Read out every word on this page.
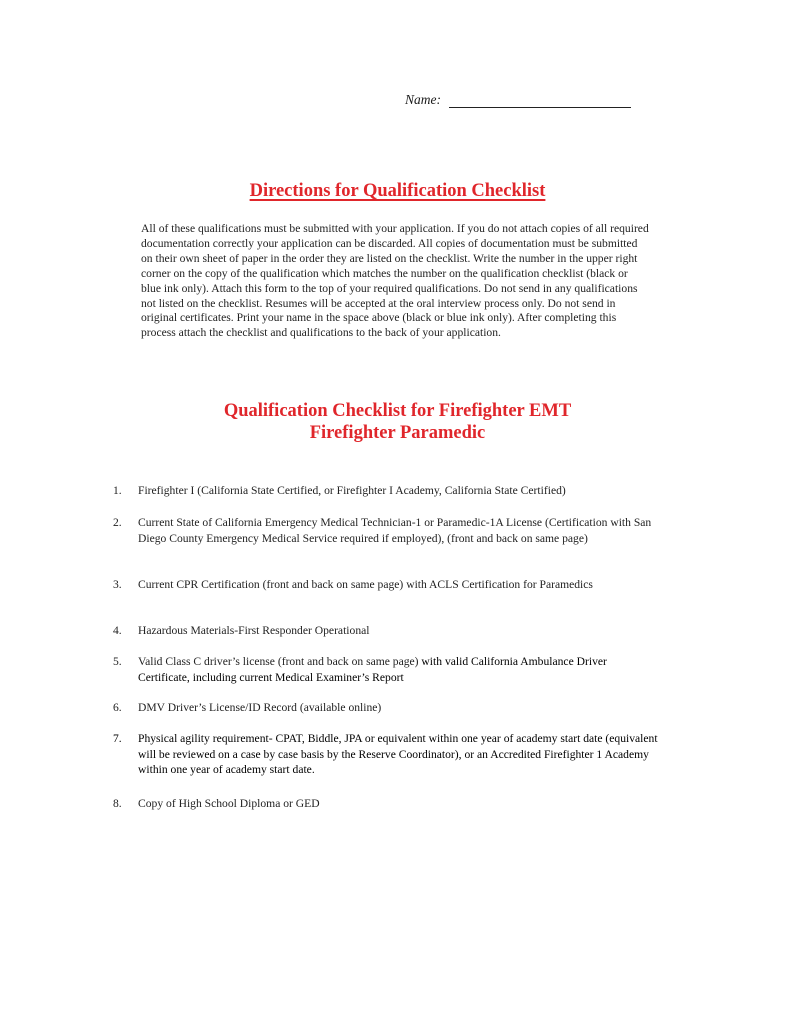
Name:
Directions for Qualification Checklist
All of these qualifications must be submitted with your application. If you do not attach copies of all required documentation correctly your application can be discarded. All copies of documentation must be submitted on their own sheet of paper in the order they are listed on the checklist. Write the number in the upper right corner on the copy of the qualification which matches the number on the qualification checklist (black or blue ink only). Attach this form to the top of your required qualifications. Do not send in any qualifications not listed on the checklist. Resumes will be accepted at the oral interview process only. Do not send in original certificates. Print your name in the space above (black or blue ink only). After completing this process attach the checklist and qualifications to the back of your application.
Qualification Checklist for Firefighter EMT
Firefighter Paramedic
1.	Firefighter I (California State Certified, or Firefighter I Academy, California State Certified)
2.	Current State of California Emergency Medical Technician-1 or Paramedic-1A License (Certification with San Diego County Emergency Medical Service required if employed), (front and back on same page)
3.	Current CPR Certification (front and back on same page) with ACLS Certification for Paramedics
4.	Hazardous Materials-First Responder Operational
5.	Valid Class C driver’s license (front and back on same page) with valid California Ambulance Driver Certificate, including current Medical Examiner’s Report
6.	DMV Driver’s License/ID Record (available online)
7.	Physical agility requirement- CPAT, Biddle, JPA or equivalent within one year of academy start date (equivalent will be reviewed on a case by case basis by the Reserve Coordinator), or an Accredited Firefighter 1 Academy within one year of academy start date.
8.	Copy of High School Diploma or GED
